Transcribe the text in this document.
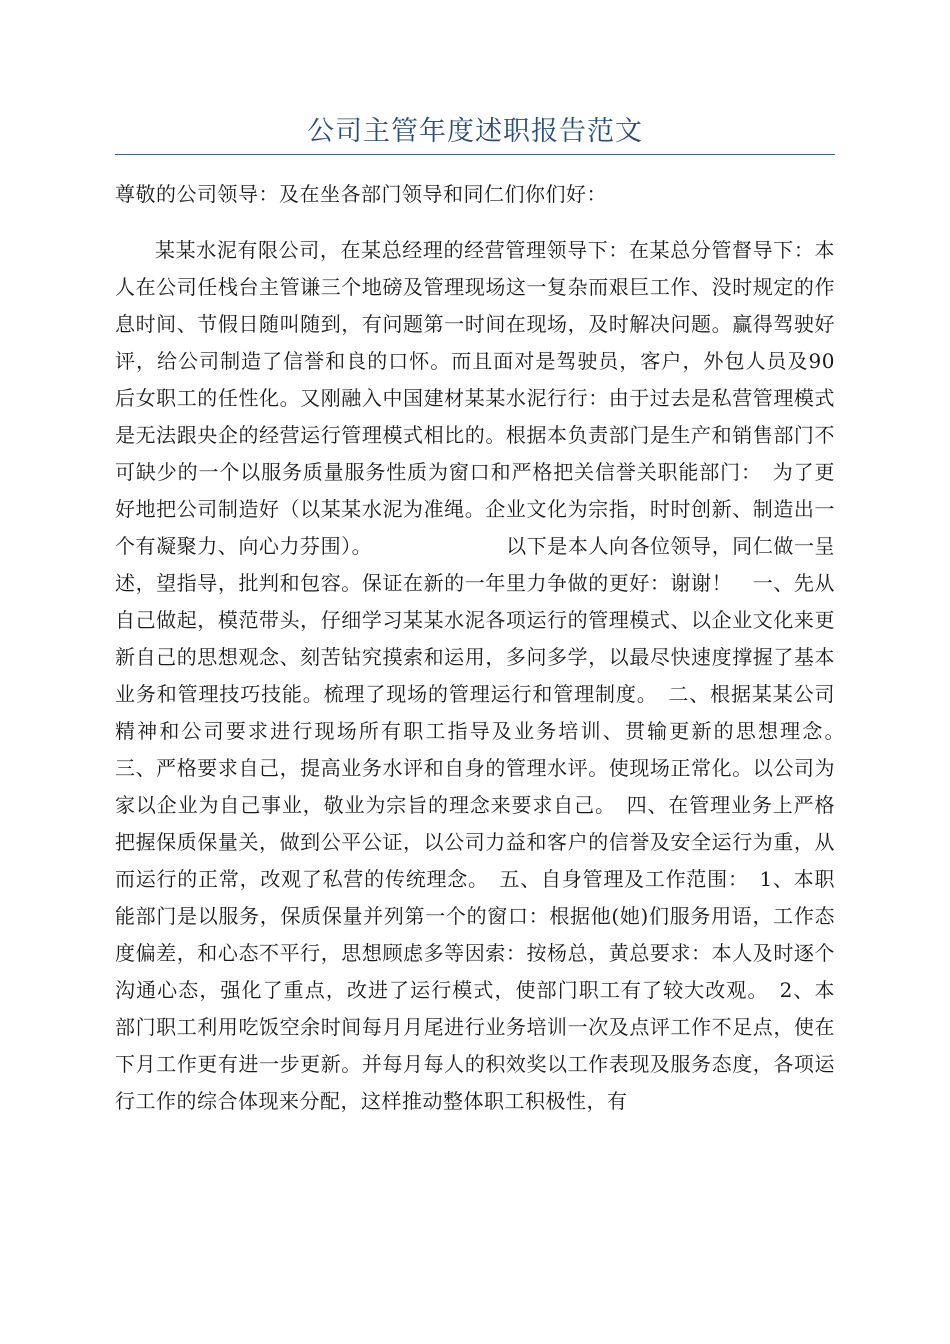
公司主管年度述职报告范文

尊敬的公司领导：及在坐各部门领导和同仁们你们好：

某某水泥有限公司，在某总经理的经营管理领导下：在某总分管督导下：本人在公司任栈台主管谦三个地磅及管理现场这一复杂而艰巨工作、没时规定的作息时间、节假日随叫随到，有问题第一时间在现场，及时解决问题。赢得驾驶好评，给公司制造了信誉和良的口怀。而且面对是驾驶员，客户，外包人员及90后女职工的任性化。又刚融入中国建材某某水泥行行：由于过去是私营管理模式是无法跟央企的经营运行管理模式相比的。根据本负责部门是生产和销售部门不可缺少的一个以服务质量服务性质为窗口和严格把关信誉关职能部门：　为了更好地把公司制造好（以某某水泥为准绳。企业文化为宗指，时时创新、制造出一个有凝聚力、向心力芬围）。　　　　　　　以下是本人向各位领导，同仁做一呈述，望指导，批判和包容。保证在新的一年里力争做的更好：谢谢！　一、先从自己做起，模范带头，仔细学习某某水泥各项运行的管理模式、以企业文化来更新自己的思想观念、刻苦钻究摸索和运用，多问多学，以最尽快速度撑握了基本业务和管理技巧技能。梳理了现场的管理运行和管理制度。　二、根据某某公司精神和公司要求进行现场所有职工指导及业务培训、贯输更新的思想理念。　三、严格要求自己，提高业务水评和自身的管理水评。使现场正常化。以公司为家以企业为自己事业，敬业为宗旨的理念来要求自己。　四、在管理业务上严格把握保质保量关，做到公平公证，以公司力益和客户的信誉及安全运行为重，从而运行的正常，改观了私营的传统理念。　五、自身管理及工作范围：　1、本职能部门是以服务，保质保量并列第一个的窗口：根据他(她)们服务用语，工作态度偏差，和心态不平行，思想顾虑多等因索：按杨总，黄总要求：本人及时逐个沟通心态，强化了重点，改进了运行模式，使部门职工有了较大改观。　2、本部门职工利用吃饭空余时间每月月尾进行业务培训一次及点评工作不足点，使在下月工作更有进一步更新。并每月每人的积效奖以工作表现及服务态度，各项运行工作的综合体现来分配，这样推动整体职工积极性，有
